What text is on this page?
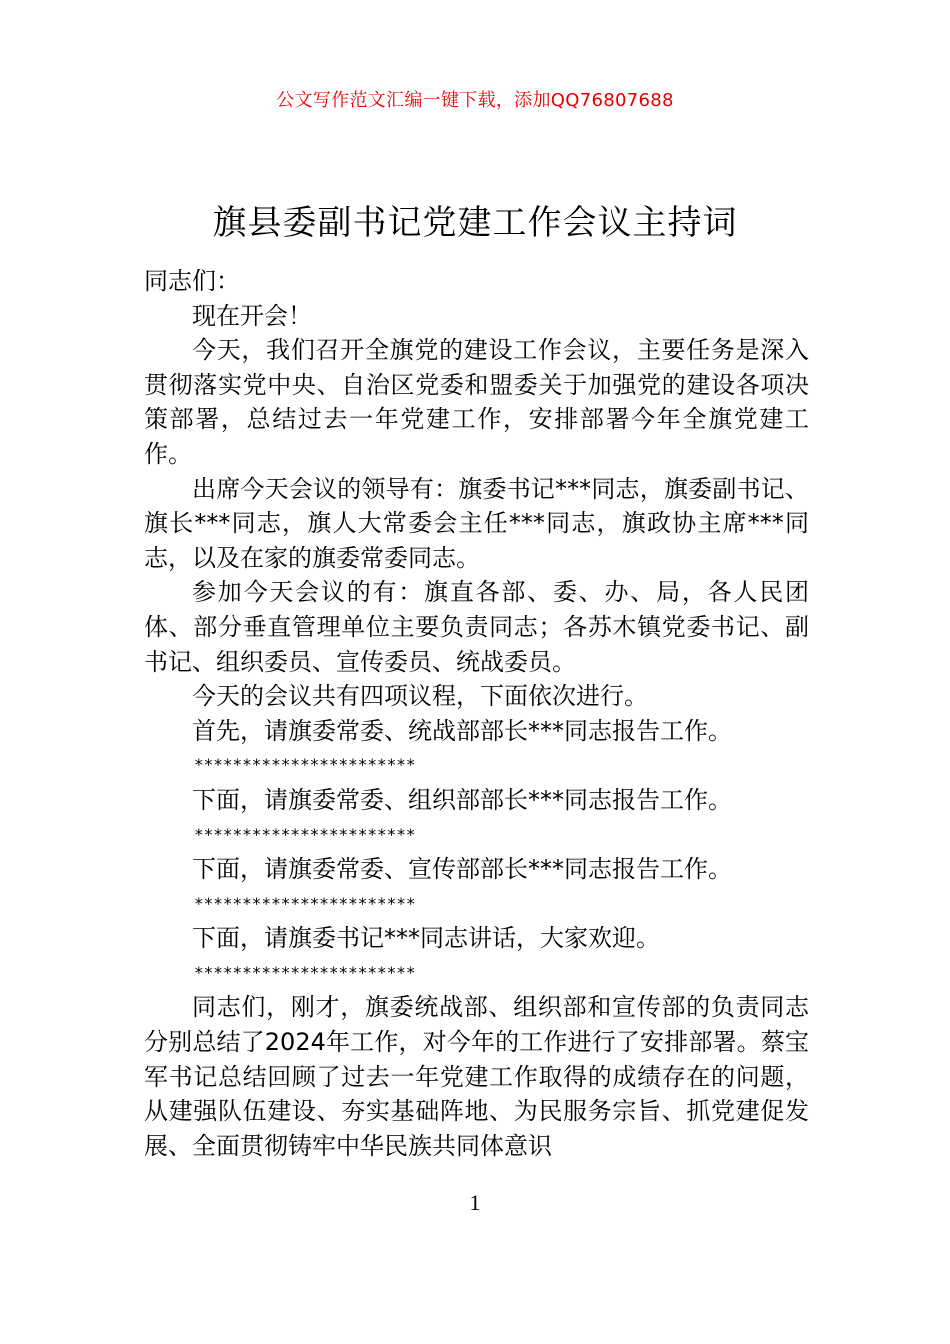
公文写作范文汇编一键下载，添加QQ76807688
旗县委副书记党建工作会议主持词

同志们：

现在开会！

今天，我们召开全旗党的建设工作会议，主要任务是深入贯彻落实党中央、自治区党委和盟委关于加强党的建设各项决策部署，总结过去一年党建工作，安排部署今年全旗党建工作。

出席今天会议的领导有：旗委书记***同志，旗委副书记、旗长***同志，旗人大常委会主任***同志，旗政协主席***同志，以及在家的旗委常委同志。

参加今天会议的有：旗直各部、委、办、局，各人民团体、部分垂直管理单位主要负责同志；各苏木镇党委书记、副书记、组织委员、宣传委员、统战委员。

今天的会议共有四项议程，下面依次进行。

首先，请旗委常委、统战部部长***同志报告工作。

***********************

下面，请旗委常委、组织部部长***同志报告工作。

***********************

下面，请旗委常委、宣传部部长***同志报告工作。

***********************

下面，请旗委书记***同志讲话，大家欢迎。

***********************

同志们，刚才，旗委统战部、组织部和宣传部的负责同志分别总结了2024年工作，对今年的工作进行了安排部署。蔡宝军书记总结回顾了过去一年党建工作取得的成绩存在的问题，从建强队伍建设、夯实基础阵地、为民服务宗旨、抓党建促发展、全面贯彻铸牢中华民族共同体意识

1
